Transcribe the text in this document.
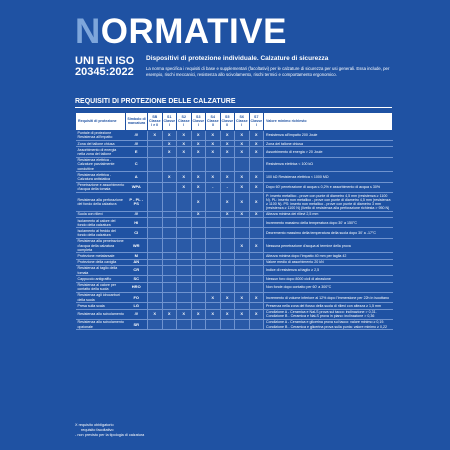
NORMATIVE
UNI EN ISO
20345:2022
Dispositivi di protezione individuale. Calzature di sicurezza
La norma specifica i requisiti di base e supplementari (facoltativi) per le calzature di sicurezza per usi generali. Essa include, per esempio, rischi meccanici, resistenza allo scivolamento, rischi termici e comportamento ergonomico.
REQUISITI DI PROTEZIONE DELLE CALZATURE
Requisiti di protezione	Simbolo di marcatura	SB Classe I e II	S1 Classe I	S2 Classe I	S3 Classe I	S4 Classe II	S5 Classe II	S6 Classe I	S7 Classe I	Valore minimo richiesto
Puntale di protezione Resistenza all'impatto	///	X	X	X	X	X	X	X	X	Resistenza all'impatto 200 Joule
Zona del tallone chiusa	///		X	X	X	X	X	X	X	Zona del tallone chiusa
Assorbimento di energia nella zona del tallone	E		X	X	X	X	X	X	X	Assorbimento di energia > 20 Joule
Resistenza elettrica - Calzature parzialmente conduttive	C									Resistenza elettrica < 100 kΩ
Resistenza elettrica - Calzatura antistatica	A		X	X	X	X	X	X	X	100 kΩ Resistenza elettrica < 1000 MΩ
Penetrazione e assorbimento d'acqua della tomaia	WPA			X	X	-	-	X	X	Dopo 60' penetrazione di acqua ≤ 0,2% e assorbimento di acqua ≤ 30%
Resistenza alla perforazione del fondo della calzatura	P - PL - PS				X		X	X	X	P: inserto metallico - prove con punte di diametro 4,5 mm (resistenza ≥ 1100 N). PL: inserto non metallico - prove con punte di diametro 4,5 mm (resistenza ≥ 1100 N). PS: inserto non metallico - prove con punte di diametro 3 mm (resistenza ≥ 1100 N) (livello di resistenza alla perforazione richiesta > 950 N)
Suola con rilievi	///				X		X	X	X	Altezza minima dei rilievi 2,5 mm
Isolamento al calore del fondo della calzatura	HI									Incremento massimo della temperatura dopo 30' a 150°C
Isolamento al freddo del fondo della calzatura	CI									Decremento massimo della temperatura della suola dopo 30' a -17°C
Resistenza alla penetrazione d'acqua della calzatura completa	WR							X	X	Nessuna penetrazione d'acqua al termine della prova
Protezione metatarsale	M									Altezza minima dopo l'impatto 40 mm per taglia 42
Protezione della caviglia	AN									Valore medio di assorbimento 20 kN
Resistenza al taglio della tomaia	CR									Indice di resistenza al taglio ≥ 2,5
Cappuccio antigraffio	SC									Nessun foro dopo 8000 cicli di abrasione
Resistenza al calore per contatto della suola	HRO									Non fonde dopo contatto per 60' a 300°C
Resistenza agli idrocarburi della suola	FO					X	X	X	X	Incremento di volume inferiore al 12% dopo l'immersione per 22h in isoottano
Presa sulla scala	LG									Presenza nella zona del fiosso della suola di rilievi con altezza ≥ 1,5 mm
Resistenza allo scivolamento	///	X	X	X	X	X	X	X	X	Condizione A - Ceramica e NaLS prova sul tacco: inclinazione > 0,31. Condizione B - Ceramica e NaLS prova in piano: inclinazione > 0,36
Resistenza allo scivolamento opzionale	SR									Condizione A - Ceramica e glicerina prova sul tacco: valore minimo ≥ 0,19. Condizione B - Ceramica e glicerina prova sulla punta: valore minimo ≥ 0,22
X requisito obbligatorio
requisito facoltativo
- non previsto per la tipologia di calzatura
